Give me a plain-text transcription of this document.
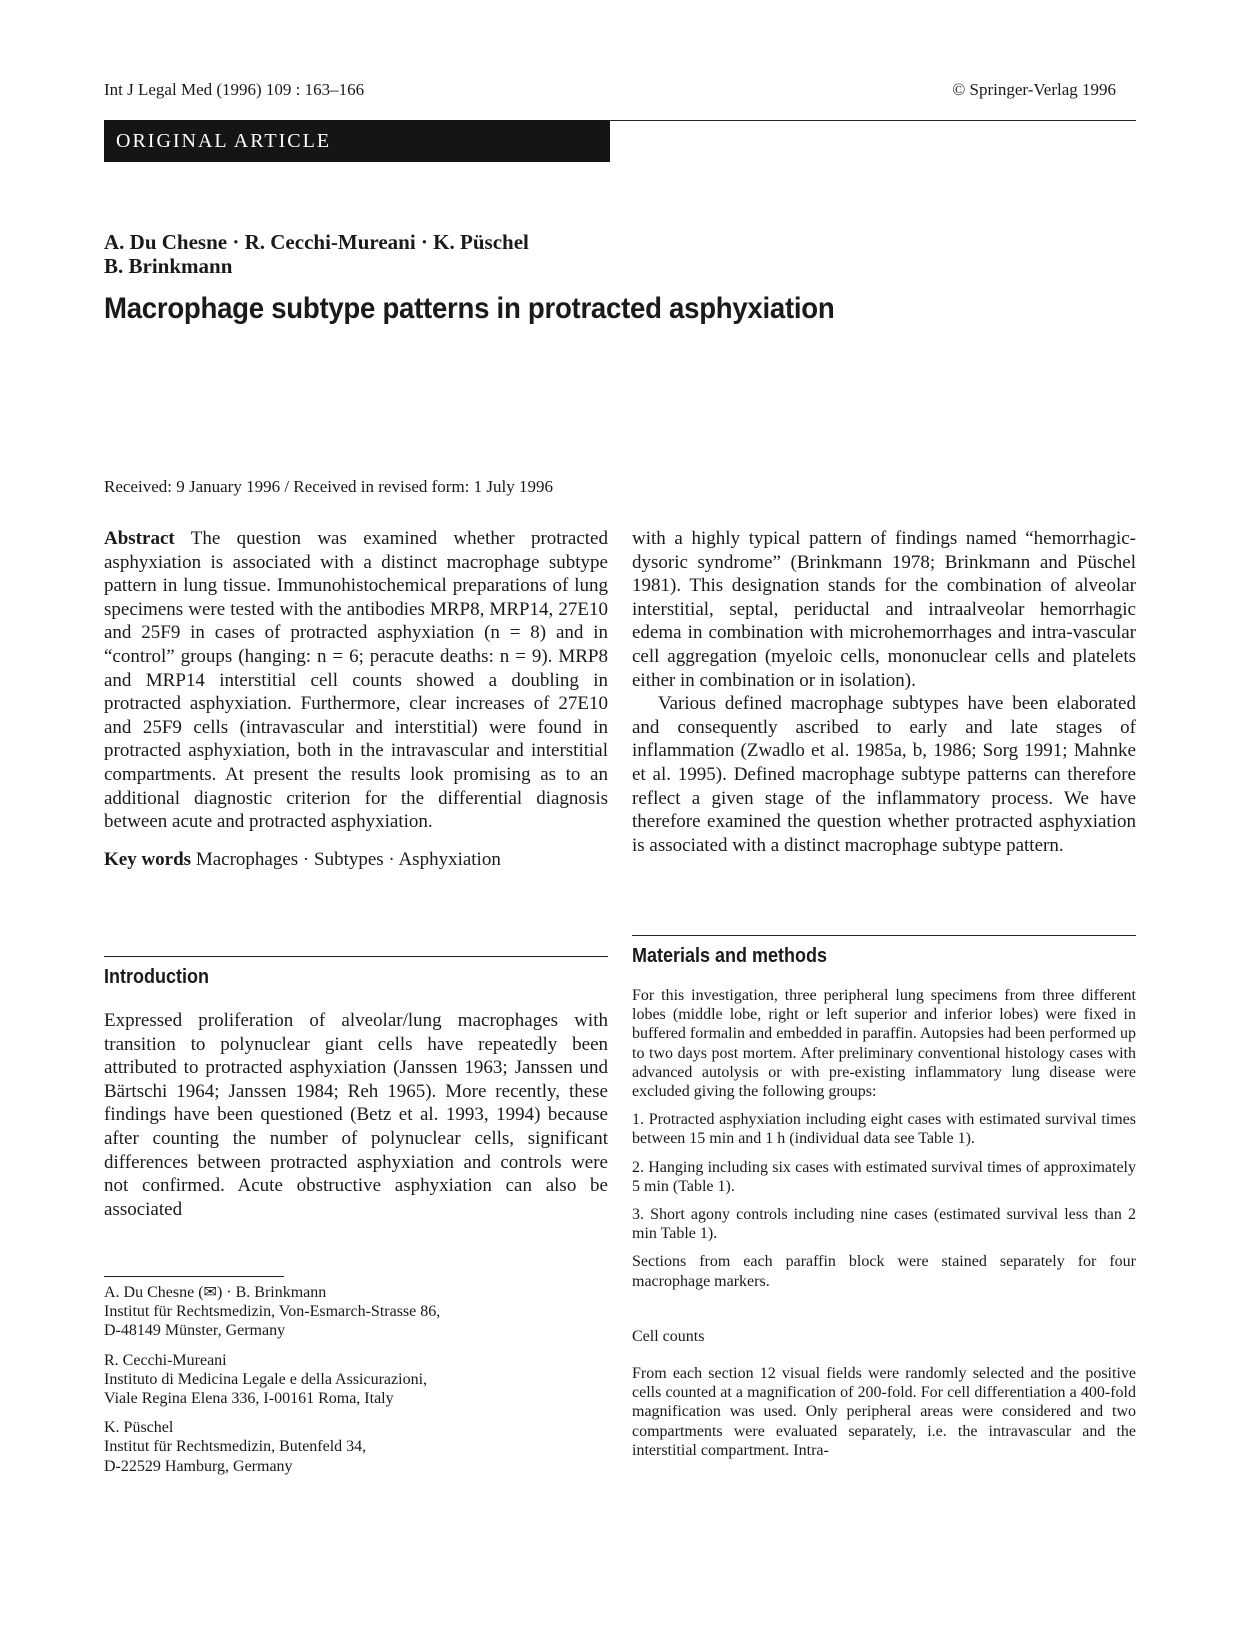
Int J Legal Med (1996) 109 : 163–166	© Springer-Verlag 1996
ORIGINAL ARTICLE
A. Du Chesne · R. Cecchi-Mureani · K. Püschel
B. Brinkmann
Macrophage subtype patterns in protracted asphyxiation
Received: 9 January 1996 / Received in revised form: 1 July 1996

Abstract The question was examined whether protracted asphyxiation is associated with a distinct macrophage subtype pattern in lung tissue. Immunohistochemical preparations of lung specimens were tested with the antibodies MRP8, MRP14, 27E10 and 25F9 in cases of protracted asphyxiation (n = 8) and in “control” groups (hanging: n = 6; peracute deaths: n = 9). MRP8 and MRP14 interstitial cell counts showed a doubling in protracted asphyxiation. Furthermore, clear increases of 27E10 and 25F9 cells (intravascular and interstitial) were found in protracted asphyxiation, both in the intravascular and interstitial compartments. At present the results look promising as to an additional diagnostic criterion for the differential diagnosis between acute and protracted asphyxiation.

Key words Macrophages · Subtypes · Asphyxiation

Introduction

Expressed proliferation of alveolar/lung macrophages with transition to polynuclear giant cells have repeatedly been attributed to protracted asphyxiation (Janssen 1963; Janssen und Bärtschi 1964; Janssen 1984; Reh 1965). More recently, these findings have been questioned (Betz et al. 1993, 1994) because after counting the number of polynuclear cells, significant differences between protracted asphyxiation and controls were not confirmed. Acute obstructive asphyxiation can also be associated

A. Du Chesne (✉) · B. Brinkmann
Institut für Rechtsmedizin, Von-Esmarch-Strasse 86,
D-48149 Münster, Germany
R. Cecchi-Mureani
Instituto di Medicina Legale e della Assicurazioni,
Viale Regina Elena 336, I-00161 Roma, Italy
K. Püschel
Institut für Rechtsmedizin, Butenfeld 34,
D-22529 Hamburg, Germany

with a highly typical pattern of findings named “hemorrhagic-dysoric syndrome” (Brinkmann 1978; Brinkmann and Püschel 1981). This designation stands for the combination of alveolar interstitial, septal, periductal and intraalveolar hemorrhagic edema in combination with microhemorrhages and intra-vascular cell aggregation (myeloic cells, mononuclear cells and platelets either in combination or in isolation).

Various defined macrophage subtypes have been elaborated and consequently ascribed to early and late stages of inflammation (Zwadlo et al. 1985a, b, 1986; Sorg 1991; Mahnke et al. 1995). Defined macrophage subtype patterns can therefore reflect a given stage of the inflammatory process. We have therefore examined the question whether protracted asphyxiation is associated with a distinct macrophage subtype pattern.

Materials and methods

For this investigation, three peripheral lung specimens from three different lobes (middle lobe, right or left superior and inferior lobes) were fixed in buffered formalin and embedded in paraffin. Autopsies had been performed up to two days post mortem. After preliminary conventional histology cases with advanced autolysis or with pre-existing inflammatory lung disease were excluded giving the following groups:

1. Protracted asphyxiation including eight cases with estimated survival times between 15 min and 1 h (individual data see Table 1).

2. Hanging including six cases with estimated survival times of approximately 5 min (Table 1).

3. Short agony controls including nine cases (estimated survival less than 2 min Table 1).

Sections from each paraffin block were stained separately for four macrophage markers.

Cell counts

From each section 12 visual fields were randomly selected and the positive cells counted at a magnification of 200-fold. For cell differentiation a 400-fold magnification was used. Only peripheral areas were considered and two compartments were evaluated separately, i.e. the intravascular and the interstitial compartment. Intra-
